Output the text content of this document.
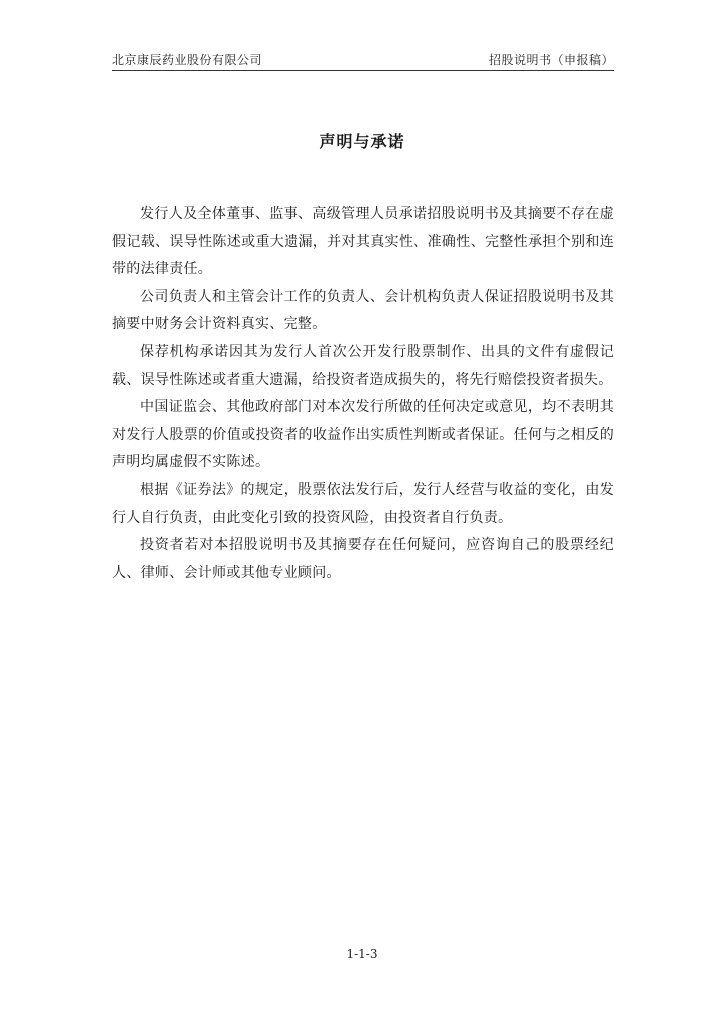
北京康辰药业股份有限公司	招股说明书（申报稿）
声明与承诺

发行人及全体董事、监事、高级管理人员承诺招股说明书及其摘要不存在虚假记载、误导性陈述或重大遗漏，并对其真实性、准确性、完整性承担个别和连带的法律责任。

公司负责人和主管会计工作的负责人、会计机构负责人保证招股说明书及其摘要中财务会计资料真实、完整。

保荐机构承诺因其为发行人首次公开发行股票制作、出具的文件有虚假记载、误导性陈述或者重大遗漏，给投资者造成损失的，将先行赔偿投资者损失。

中国证监会、其他政府部门对本次发行所做的任何决定或意见，均不表明其对发行人股票的价值或投资者的收益作出实质性判断或者保证。任何与之相反的声明均属虚假不实陈述。

根据《证券法》的规定，股票依法发行后，发行人经营与收益的变化，由发行人自行负责，由此变化引致的投资风险，由投资者自行负责。

投资者若对本招股说明书及其摘要存在任何疑问，应咨询自己的股票经纪人、律师、会计师或其他专业顾问。

1-1-3
